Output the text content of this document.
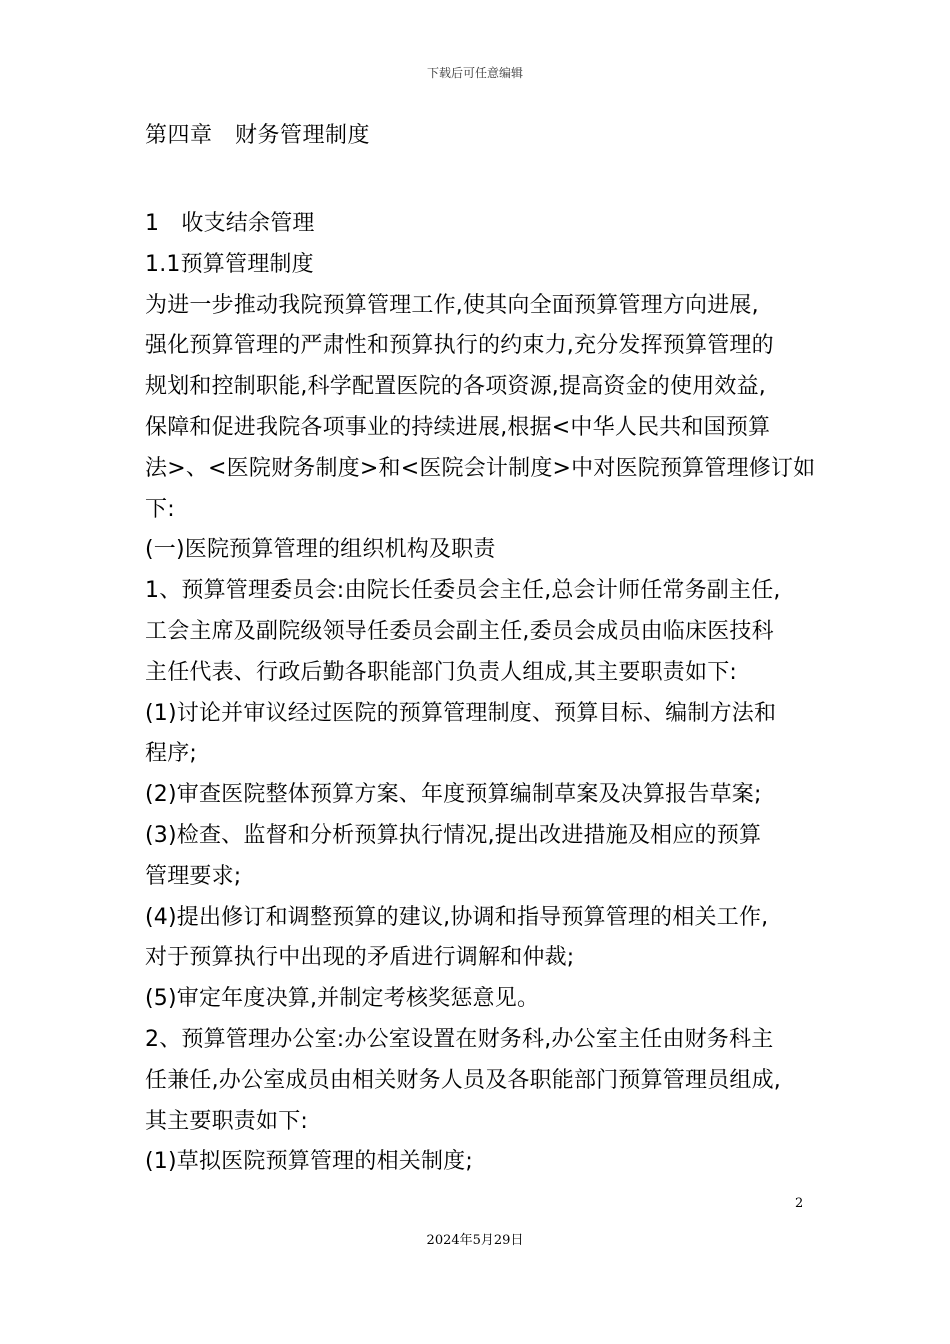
下载后可任意编辑
第四章　财务管理制度
1　收支结余管理
1.1预算管理制度
为进一步推动我院预算管理工作,使其向全面预算管理方向进展,
强化预算管理的严肃性和预算执行的约束力,充分发挥预算管理的
规划和控制职能,科学配置医院的各项资源,提高资金的使用效益,
保障和促进我院各项事业的持续进展,根据<中华人民共和国预算
法>、<医院财务制度>和<医院会计制度>中对医院预算管理修订如
下:
(一)医院预算管理的组织机构及职责
1、预算管理委员会:由院长任委员会主任,总会计师任常务副主任,
工会主席及副院级领导任委员会副主任,委员会成员由临床医技科
主任代表、行政后勤各职能部门负责人组成,其主要职责如下:
(1)讨论并审议经过医院的预算管理制度、预算目标、编制方法和
程序;
(2)审查医院整体预算方案、年度预算编制草案及决算报告草案;
(3)检查、监督和分析预算执行情况,提出改进措施及相应的预算
管理要求;
(4)提出修订和调整预算的建议,协调和指导预算管理的相关工作,
对于预算执行中出现的矛盾进行调解和仲裁;
(5)审定年度决算,并制定考核奖惩意见。
2、预算管理办公室:办公室设置在财务科,办公室主任由财务科主
任兼任,办公室成员由相关财务人员及各职能部门预算管理员组成,
其主要职责如下:
(1)草拟医院预算管理的相关制度;
2
2024年5月29日
